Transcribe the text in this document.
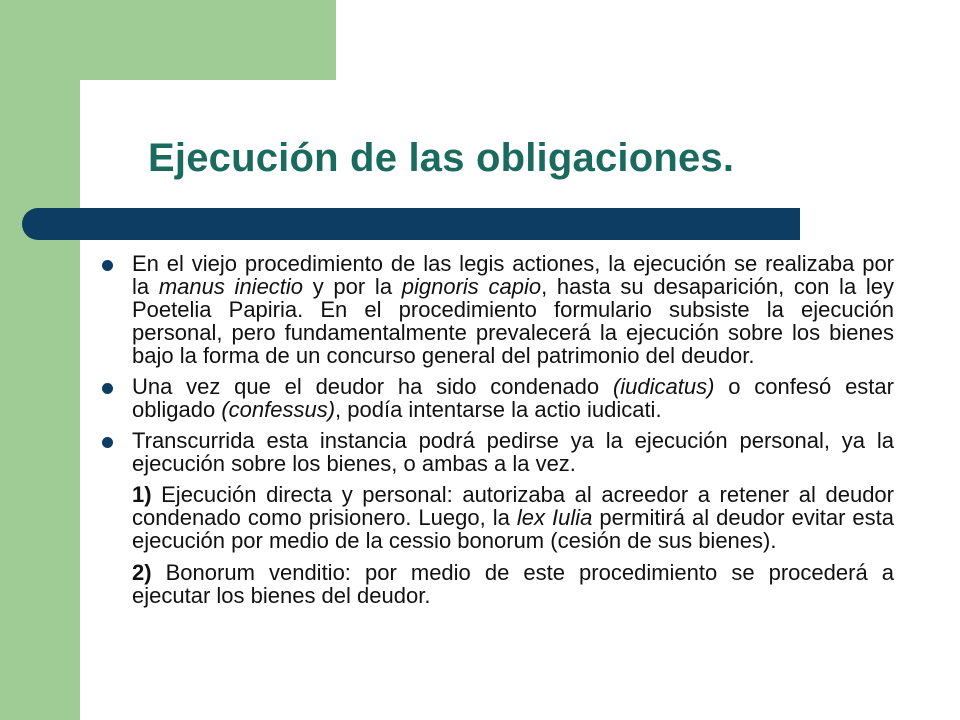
Ejecución de las obligaciones.
En el viejo procedimiento de las legis actiones, la ejecución se realizaba por la manus iniectio y por la pignoris capio, hasta su desaparición, con la ley Poetelia Papiria. En el procedimiento formulario subsiste la ejecución personal, pero fundamentalmente prevalecerá la ejecución sobre los bienes bajo la forma de un concurso general del patrimonio del deudor.
Una vez que el deudor ha sido condenado (iudicatus) o confesó estar obligado (confessus), podía intentarse la actio iudicati.
Transcurrida esta instancia podrá pedirse ya la ejecución personal, ya la ejecución sobre los bienes, o ambas a la vez.
1) Ejecución directa y personal: autorizaba al acreedor a retener al deudor condenado como prisionero. Luego, la lex Iulia permitirá al deudor evitar esta ejecución por medio de la cessio bonorum (cesión de sus bienes).
2) Bonorum venditio: por medio de este procedimiento se procederá a ejecutar los bienes del deudor.
